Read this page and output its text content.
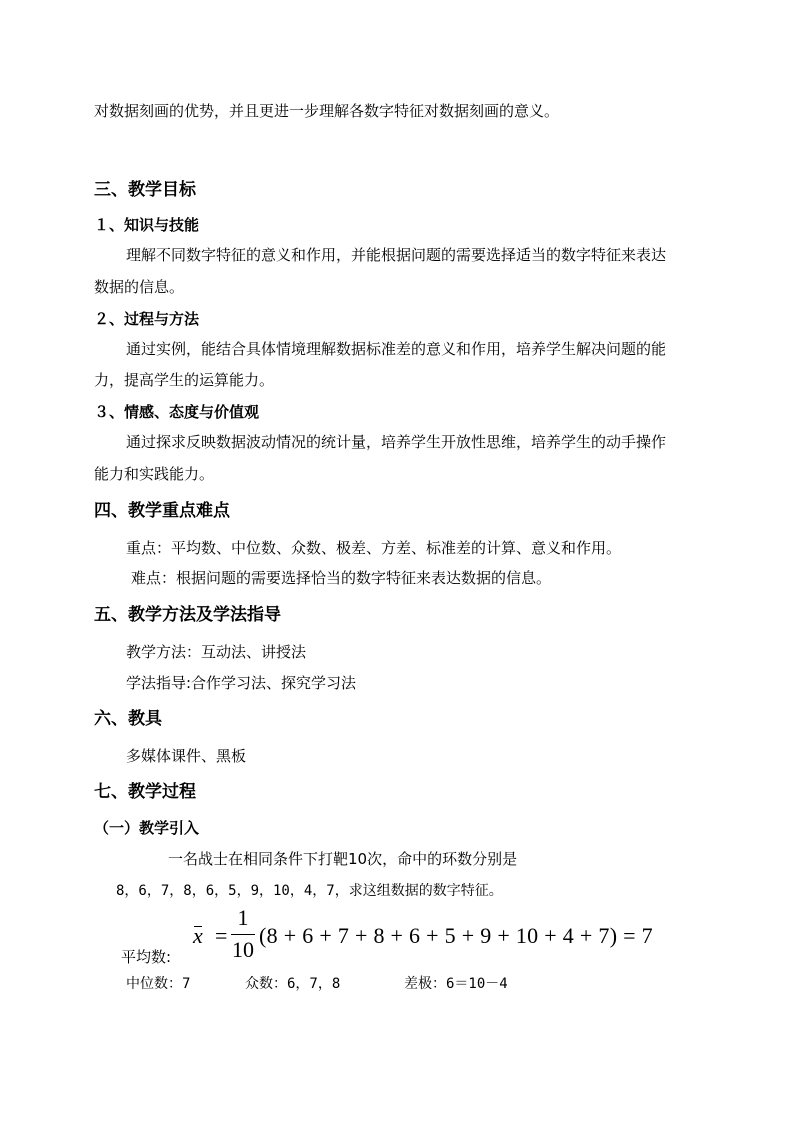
对数据刻画的优势，并且更进一步理解各数字特征对数据刻画的意义。
三、教学目标
１、知识与技能
理解不同数字特征的意义和作用，并能根据问题的需要选择适当的数字特征来表达
数据的信息。
２、过程与方法
通过实例，能结合具体情境理解数据标准差的意义和作用，培养学生解决问题的能
力，提高学生的运算能力。
３、情感、态度与价值观
通过探求反映数据波动情况的统计量，培养学生开放性思维，培养学生的动手操作
能力和实践能力。
四、教学重点难点
重点：平均数、中位数、众数、极差、方差、标准差的计算、意义和作用。
难点：根据问题的需要选择恰当的数字特征来表达数据的信息。
五、教学方法及学法指导
教学方法：互动法、讲授法
学法指导:合作学习法、探究学习法
六、教具
多媒体课件、黑板
七、教学过程
（一）教学引入
一名战士在相同条件下打靶10次，命中的环数分别是
8，6，7，8，6，5，9，10，4，7，求这组数据的数字特征。
x =
1
10
(8 + 6 + 7 + 8 + 6 + 5 + 9 + 10 + 4 + 7) = 7
平均数:
中位数：7	众数：6，7，8	差极：6＝10－4
